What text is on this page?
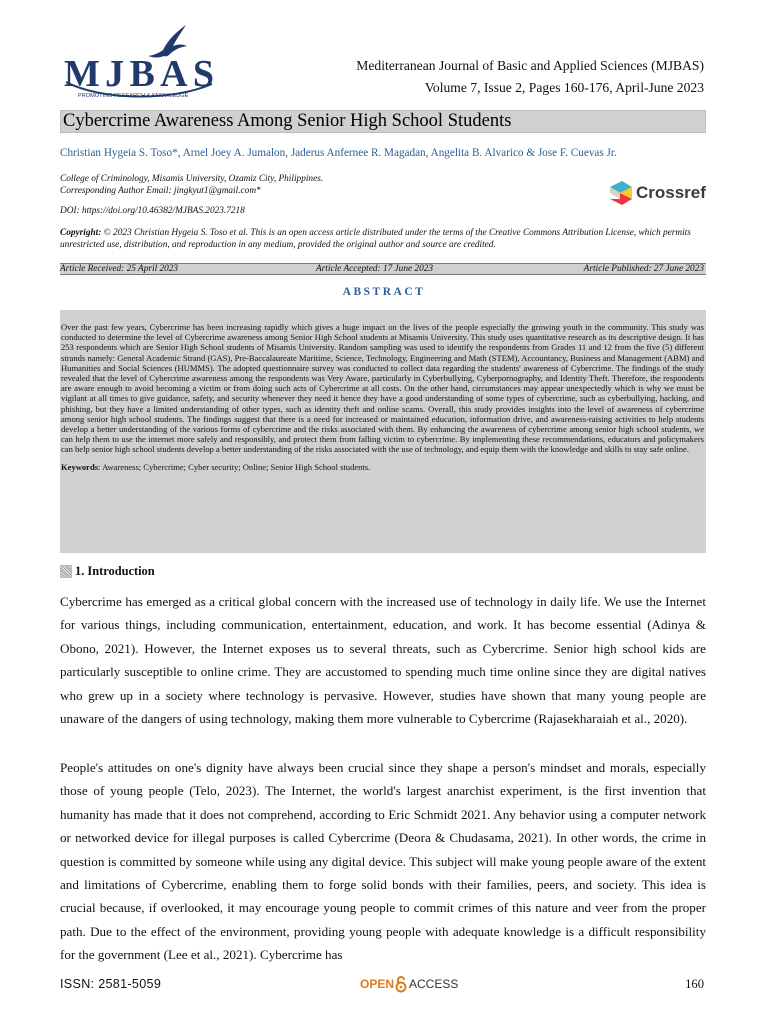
MJBAS
PROMOTING RESEARCH & KNOWLEDGE
Mediterranean Journal of Basic and Applied Sciences (MJBAS)
Volume 7, Issue 2, Pages 160-176, April-June 2023
Cybercrime Awareness Among Senior High School Students
Christian Hygeia S. Toso*, Arnel Joey A. Jumalon, Jaderus Anfernee R. Magadan, Angelita B. Alvarico & Jose F. Cuevas Jr.
College of Criminology, Misamis University, Ozamiz City, Philippines.
Corresponding Author Email: jingkyut1@gmail.com*
DOI: https://doi.org/10.46382/MJBAS.2023.7218
Crossref
Copyright: © 2023 Christian Hygeia S. Toso et al. This is an open access article distributed under the terms of the Creative Commons Attribution License, which permits unrestricted use, distribution, and reproduction in any medium, provided the original author and source are credited.
Article Received: 25 April 2023	Article Accepted: 17 June 2023	Article Published: 27 June 2023
ABSTRACT

Over the past few years, Cybercrime has been increasing rapidly which gives a huge impact on the lives of the people especially the growing youth in the community. This study was conducted to determine the level of Cybercrime awareness among Senior High School students at Misamis University. This study uses quantitative research as its descriptive design. It has 253 respondents which are Senior High School students of Misamis University. Random sampling was used to identify the respondents from Grades 11 and 12 from the five (5) different strands namely: General Academic Strand (GAS), Pre-Baccalaureate Maritime, Science, Technology, Engineering and Math (STEM), Accountancy, Business and Management (ABM) and Humanities and Social Sciences (HUMMS). The adopted questionnaire survey was conducted to collect data regarding the students' awareness of Cybercrime. The findings of the study revealed that the level of Cybercrime awareness among the respondents was Very Aware, particularly in Cyberbullying, Cyberpornography, and Identity Theft. Therefore, the respondents are aware enough to avoid becoming a victim or from doing such acts of Cybercrime at all costs. On the other hand, circumstances may appear unexpectedly which is why we must be vigilant at all times to give guidance, safety, and security whenever they need it hence they have a good understanding of some types of cybercrime, such as cyberbullying, hacking, and phishing, but they have a limited understanding of other types, such as identity theft and online scams. Overall, this study provides insights into the level of awareness of cybercrime among senior high school students. The findings suggest that there is a need for increased or maintained education, information drive, and awareness-raising activities to help students develop a better understanding of the various forms of cybercrime and the risks associated with them. By enhancing the awareness of cybercrime among senior high school students, we can help them to use the internet more safely and responsibly, and protect them from falling victim to cybercrime. By implementing these recommendations, educators and policymakers can help senior high school students develop a better understanding of the risks associated with the use of technology, and equip them with the knowledge and skills to stay safe online.

Keywords: Awareness; Cybercrime; Cyber security; Online; Senior High School students.

1. Introduction

Cybercrime has emerged as a critical global concern with the increased use of technology in daily life. We use the Internet for various things, including communication, entertainment, education, and work. It has become essential (Adinya & Obono, 2021). However, the Internet exposes us to several threats, such as Cybercrime. Senior high school kids are particularly susceptible to online crime. They are accustomed to spending much time online since they are digital natives who grew up in a society where technology is pervasive. However, studies have shown that many young people are unaware of the dangers of using technology, making them more vulnerable to Cybercrime (Rajasekharaiah et al., 2020).

People's attitudes on one's dignity have always been crucial since they shape a person's mindset and morals, especially those of young people (Telo, 2023). The Internet, the world's largest anarchist experiment, is the first invention that humanity has made that it does not comprehend, according to Eric Schmidt 2021. Any behavior using a computer network or networked device for illegal purposes is called Cybercrime (Deora & Chudasama, 2021). In other words, the crime in question is committed by someone while using any digital device. This subject will make young people aware of the extent and limitations of Cybercrime, enabling them to forge solid bonds with their families, peers, and society. This idea is crucial because, if overlooked, it may encourage young people to commit crimes of this nature and veer from the proper path. Due to the effect of the environment, providing young people with adequate knowledge is a difficult responsibility for the government (Lee et al., 2021). Cybercrime has

ISSN: 2581-5059	OPEN ACCESS	160
